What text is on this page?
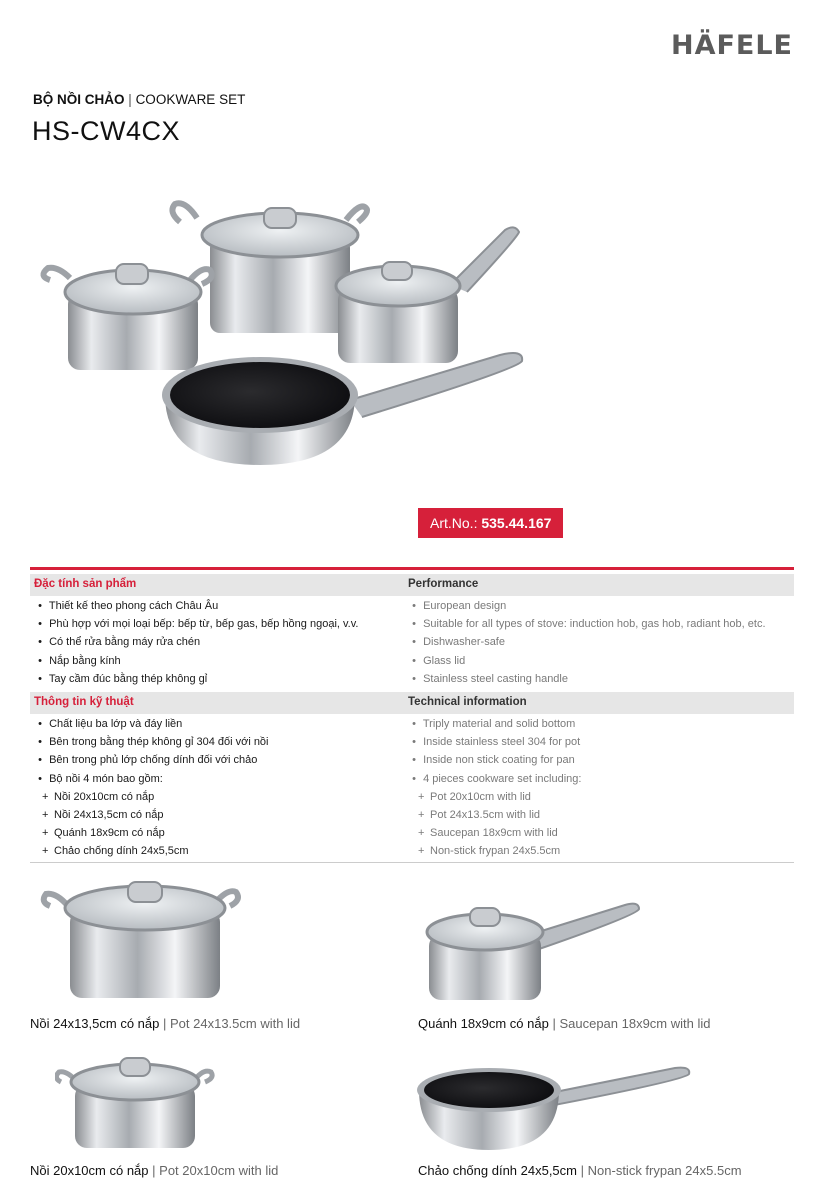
HÄFELE
BỘ NỒI CHẢO | COOKWARE SET
HS-CW4CX
Art.No.: 535.44.167
Đặc tính sản phẩm	Performance
• Thiết kế theo phong cách Châu Âu	• European design
• Phù hợp với mọi loại bếp: bếp từ, bếp gas, bếp hồng ngoại, v.v.	• Suitable for all types of stove: induction hob, gas hob, radiant hob, etc.
• Có thể rửa bằng máy rửa chén	• Dishwasher-safe
• Nắp bằng kính	• Glass lid
• Tay cầm đúc bằng thép không gỉ	• Stainless steel casting handle
Thông tin kỹ thuật	Technical information
• Chất liệu ba lớp và đáy liền	• Triply material and solid bottom
• Bên trong bằng thép không gỉ 304 đối với nồi	• Inside stainless steel 304 for pot
• Bên trong phủ lớp chống dính đối với chảo	• Inside non stick coating for pan
• Bộ nồi 4 món bao gồm:	• 4 pieces cookware set including:
+ Nồi 20x10cm có nắp	+ Pot 20x10cm with lid
+ Nồi 24x13,5cm có nắp	+ Pot 24x13.5cm with lid
+ Quánh 18x9cm có nắp	+ Saucepan 18x9cm with lid
+ Chảo chống dính 24x5,5cm	+ Non-stick frypan 24x5.5cm
Nồi 24x13,5cm có nắp | Pot 24x13.5cm with lid	Quánh 18x9cm có nắp | Saucepan 18x9cm with lid
Nồi 20x10cm có nắp | Pot 20x10cm with lid	Chảo chống dính 24x5,5cm | Non-stick frypan 24x5.5cm
